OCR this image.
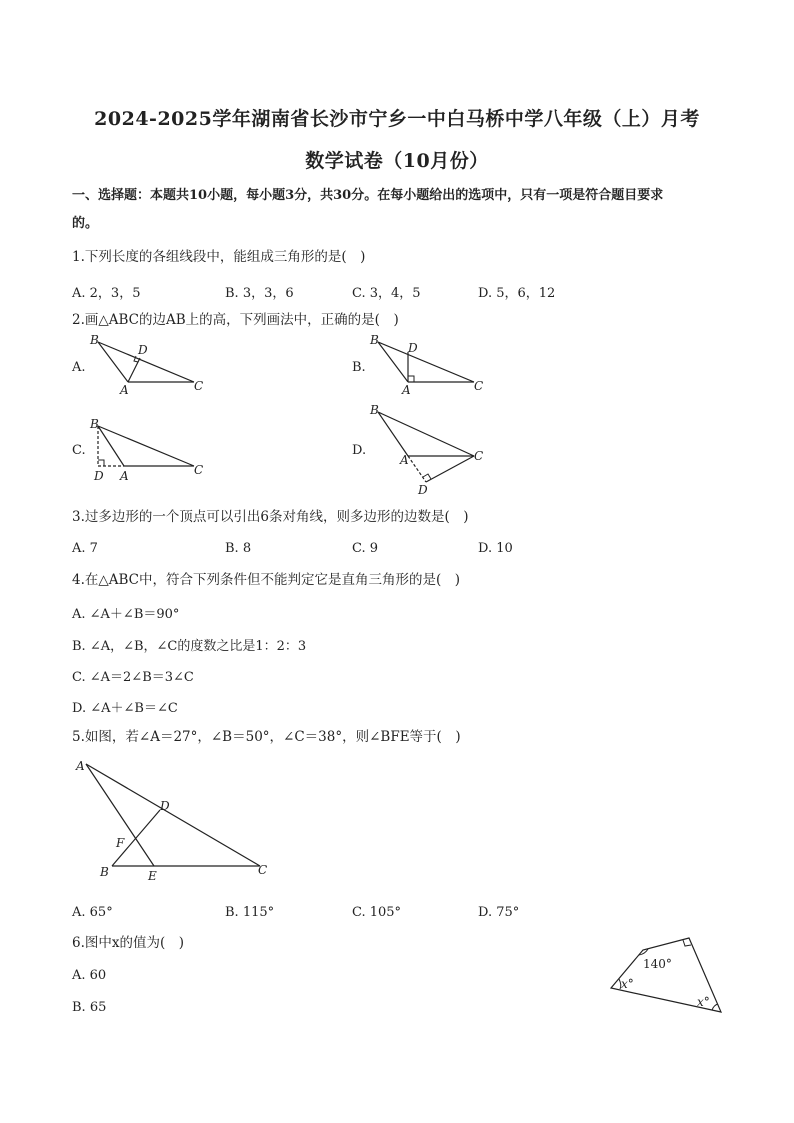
2024-2025学年湖南省长沙市宁乡一中白马桥中学八年级（上）月考
数学试卷（10月份）
一、选择题：本题共10小题，每小题3分，共30分。在每小题给出的选项中，只有一项是符合题目要求
的。
1.下列长度的各组线段中，能组成三角形的是(　)
A. 2，3，5	B. 3，3，6	C. 3，4，5	D. 5，6，12
2.画△ABC的边AB上的高，下列画法中，正确的是(　)
A.
B
D
A	C
B.
B
D
A	C
C.
B
D A	C
D.
B
A	C
D
3.过多边形的一个顶点可以引出6条对角线，则多边形的边数是(　)
A. 7	B. 8	C. 9	D. 10
4.在△ABC中，符合下列条件但不能判定它是直角三角形的是(　)
A. ∠A＋∠B＝90°
B. ∠A，∠B，∠C的度数之比是1：2：3
C. ∠A＝2∠B＝3∠C
D. ∠A＋∠B＝∠C
5.如图，若∠A＝27°，∠B＝50°，∠C＝38°，则∠BFE等于(　)
A
D
F
B	E	C
A. 65°	B. 115°	C. 105°	D. 75°
6.图中x的值为(　)
A. 60
B. 65
140°
x°
x°
